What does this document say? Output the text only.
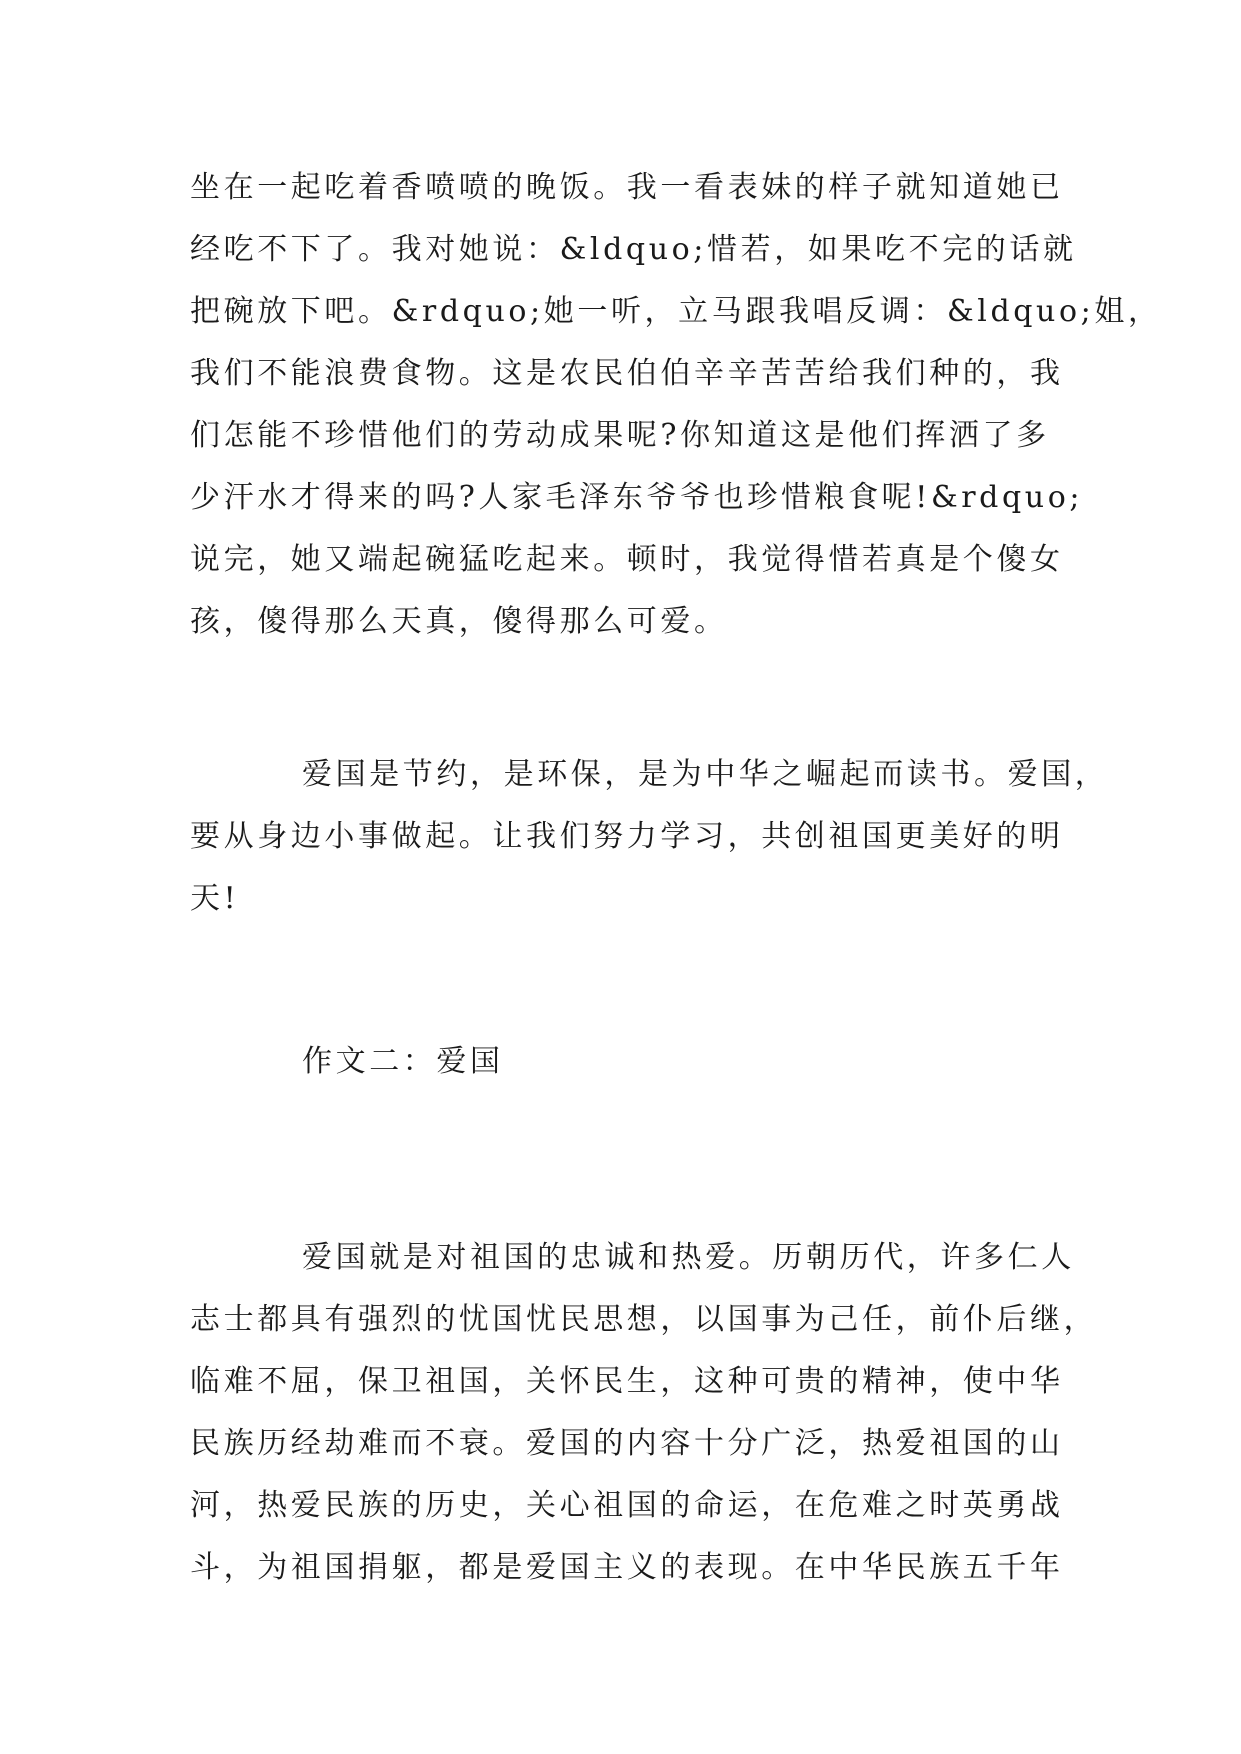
坐在一起吃着香喷喷的晚饭。我一看表妹的样子就知道她已
经吃不下了。我对她说：&ldquo;惜若，如果吃不完的话就
把碗放下吧。&rdquo;她一听，立马跟我唱反调：&ldquo;姐，
我们不能浪费食物。这是农民伯伯辛辛苦苦给我们种的，我
们怎能不珍惜他们的劳动成果呢?你知道这是他们挥洒了多
少汗水才得来的吗?人家毛泽东爷爷也珍惜粮食呢!&rdquo;
说完，她又端起碗猛吃起来。顿时，我觉得惜若真是个傻女
孩，傻得那么天真，傻得那么可爱。
爱国是节约，是环保，是为中华之崛起而读书。爱国，
要从身边小事做起。让我们努力学习，共创祖国更美好的明
天!
作文二：爱国
爱国就是对祖国的忠诚和热爱。历朝历代，许多仁人
志士都具有强烈的忧国忧民思想，以国事为己任，前仆后继，
临难不屈，保卫祖国，关怀民生，这种可贵的精神，使中华
民族历经劫难而不衰。爱国的内容十分广泛，热爱祖国的山
河，热爱民族的历史，关心祖国的命运，在危难之时英勇战
斗，为祖国捐躯，都是爱国主义的表现。在中华民族五千年
